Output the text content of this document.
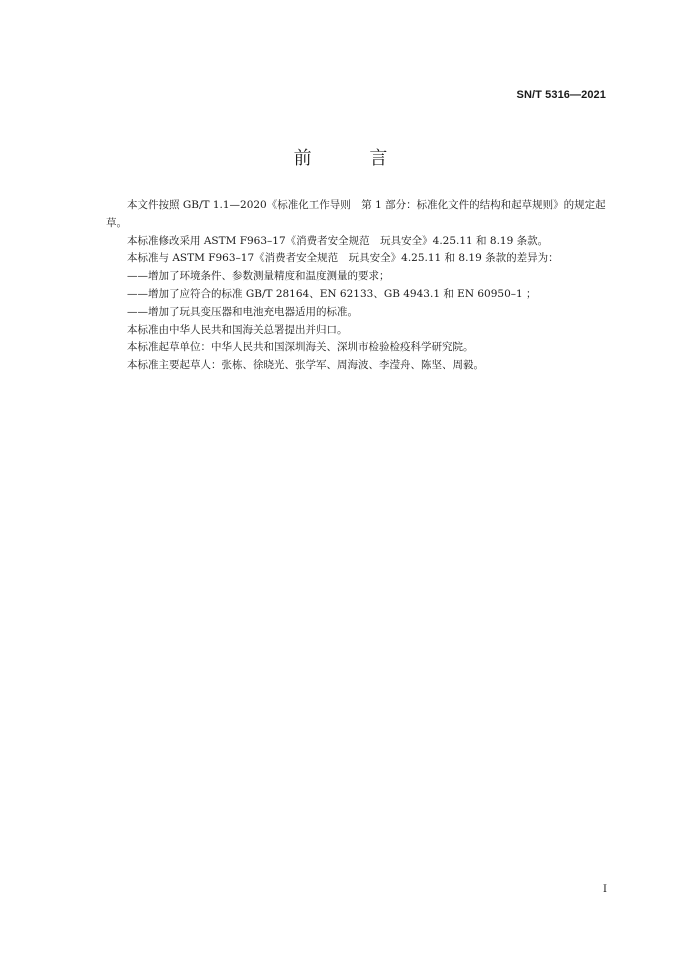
SN/T 5316—2021
前 言

本文件按照 GB/T 1.1—2020《标准化工作导则　第 1 部分：标准化文件的结构和起草规则》的规定起草。

本标准修改采用 ASTM F963–17《消费者安全规范　玩具安全》4.25.11 和 8.19 条款。

本标准与 ASTM F963–17《消费者安全规范　玩具安全》4.25.11 和 8.19 条款的差异为：

——增加了环境条件、参数测量精度和温度测量的要求；

——增加了应符合的标准 GB/T 28164、EN 62133、GB 4943.1 和 EN 60950–1 ；

——增加了玩具变压器和电池充电器适用的标准。

本标准由中华人民共和国海关总署提出并归口。

本标准起草单位：中华人民共和国深圳海关、深圳市检验检疫科学研究院。

本标准主要起草人：张栋、徐晓光、张学军、周海波、李滢舟、陈坚、周毅。

I
